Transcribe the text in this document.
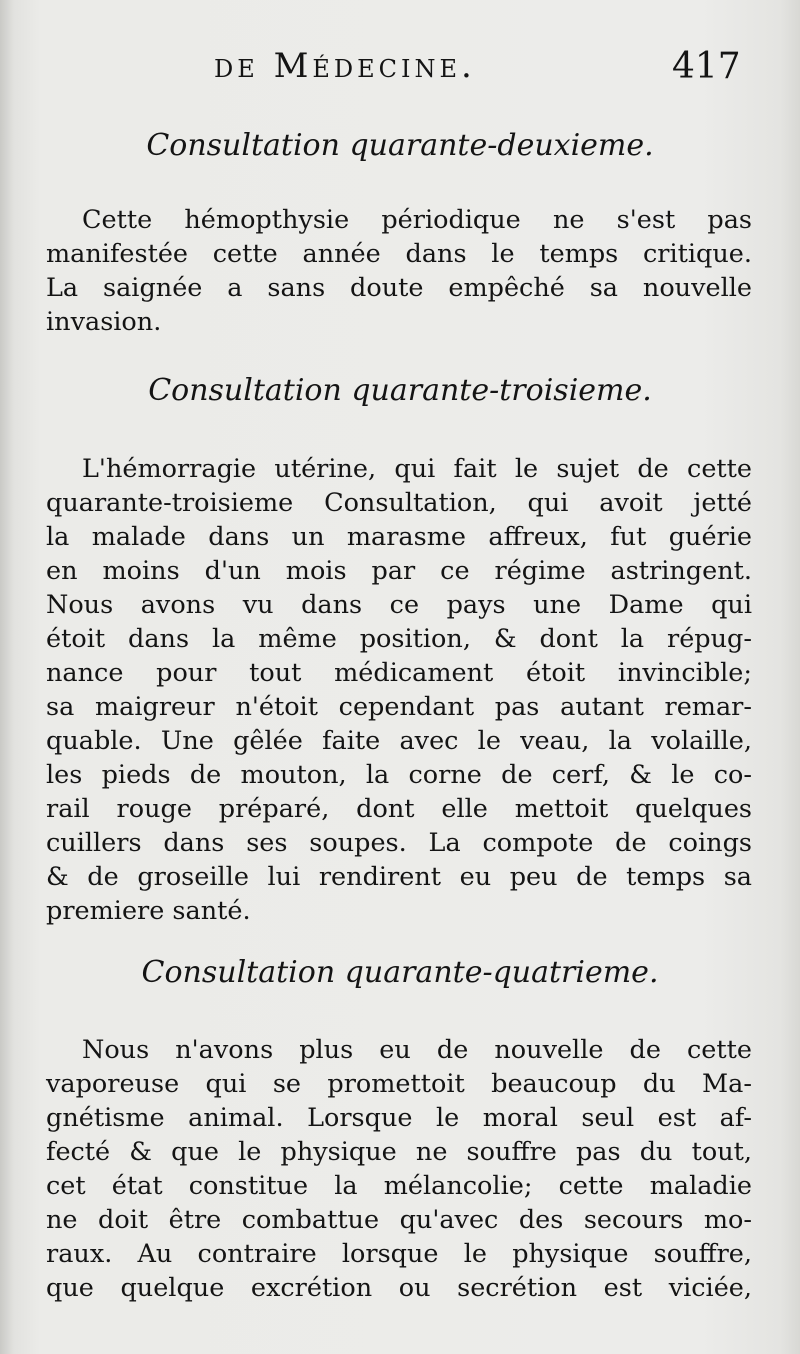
de Médecine.	417
Consultation quarante-deuxieme.
Cette hémopthysie périodique ne s'est pas
manifestée cette année dans le temps critique.
La saignée a sans doute empêché sa nouvelle
invasion.
Consultation quarante-troisieme.
L'hémorragie utérine, qui fait le sujet de cette
quarante-troisieme Consultation, qui avoit jetté
la malade dans un marasme affreux, fut guérie
en moins d'un mois par ce régime astringent.
Nous avons vu dans ce pays une Dame qui
étoit dans la même position, & dont la répug-
nance pour tout médicament étoit invincible;
sa maigreur n'étoit cependant pas autant remar-
quable. Une gêlée faite avec le veau, la volaille,
les pieds de mouton, la corne de cerf, & le co-
rail rouge préparé, dont elle mettoit quelques
cuillers dans ses soupes. La compote de coings
& de groseille lui rendirent eu peu de temps sa
premiere santé.
Consultation quarante-quatrieme.
Nous n'avons plus eu de nouvelle de cette
vaporeuse qui se promettoit beaucoup du Ma-
gnétisme animal. Lorsque le moral seul est af-
fecté & que le physique ne souffre pas du tout,
cet état constitue la mélancolie; cette maladie
ne doit être combattue qu'avec des secours mo-
raux. Au contraire lorsque le physique souffre,
que quelque excrétion ou secrétion est viciée,
